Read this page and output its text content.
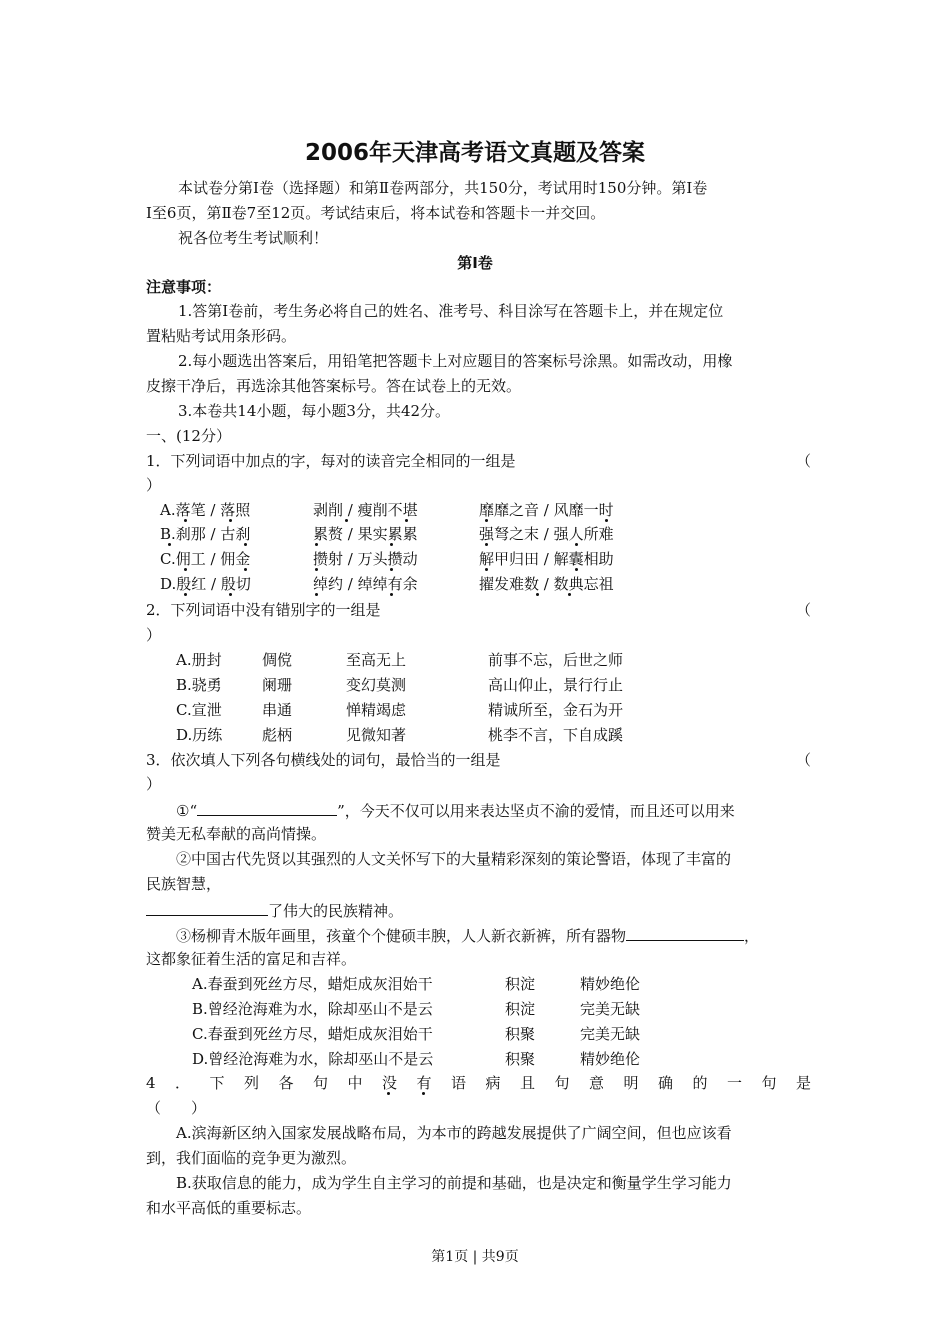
2006年天津高考语文真题及答案
本试卷分第Ⅰ卷（选择题）和第Ⅱ卷两部分，共150分，考试用时150分钟。第Ⅰ卷
Ⅰ至6页，第Ⅱ卷7至12页。考试结束后，将本试卷和答题卡一并交回。
祝各位考生考试顺利！
第Ⅰ卷
注意事项：
1.答第Ⅰ卷前，考生务必将自己的姓名、准考号、科目涂写在答题卡上，并在规定位
置粘贴考试用条形码。
2.每小题选出答案后，用铅笔把答题卡上对应题目的答案标号涂黑。如需改动，用橡
皮擦干净后，再选涂其他答案标号。答在试卷上的无效。
3.本卷共14小题，每小题3分，共42分。
一、(12分）
1．下列词语中加点的字，每对的读音完全相同的一组是	（
）
A.落笔 / 落照	剥削 / 瘦削不堪	靡靡之音 / 风靡一时
B.刹那 / 古刹	累赘 / 果实累累	强弩之末 / 强人所难
C.佣工 / 佣金	攒射 / 万头攒动	解甲归田 / 解囊相助
D.殷红 / 殷切	绰约 / 绰绰有余	擢发难数 / 数典忘祖
2．下列词语中没有错别字的一组是	（
）
A.册封	倜傥	至高无上	前事不忘，后世之师
B.骁勇	阑珊	变幻莫测	高山仰止，景行行止
C.宣泄	串通	惮精竭虑	精诚所至，金石为开
D.历练	彪柄	见微知著	桃李不言，下自成蹊
3．依次填人下列各句横线处的词句，最恰当的一组是	（
）
①“	”，今天不仅可以用来表达坚贞不渝的爱情，而且还可以用来
赞美无私奉献的高尚情操。
②中国古代先贤以其强烈的人文关怀写下的大量精彩深刻的策论警语，体现了丰富的
民族智慧，
了伟大的民族精神。
③杨柳青木版年画里，孩童个个健硕丰腴，人人新衣新裤，所有器物	，
这都象征着生活的富足和吉祥。
A.春蚕到死丝方尽，蜡炬成灰泪始干	积淀	精妙绝伦
B.曾经沧海难为水，除却巫山不是云	积淀	完美无缺
C.春蚕到死丝方尽，蜡炬成灰泪始干	积聚	完美无缺
D.曾经沧海难为水，除却巫山不是云	积聚	精妙绝伦
4．下列各句中没有语病且句意明确的一句是
（　　）
A.滨海新区纳入国家发展战略布局，为本市的跨越发展提供了广阔空间，但也应该看
到，我们面临的竞争更为激烈。
B.获取信息的能力，成为学生自主学习的前提和基础，也是决定和衡量学生学习能力
和水平高低的重要标志。
第1页 | 共9页
